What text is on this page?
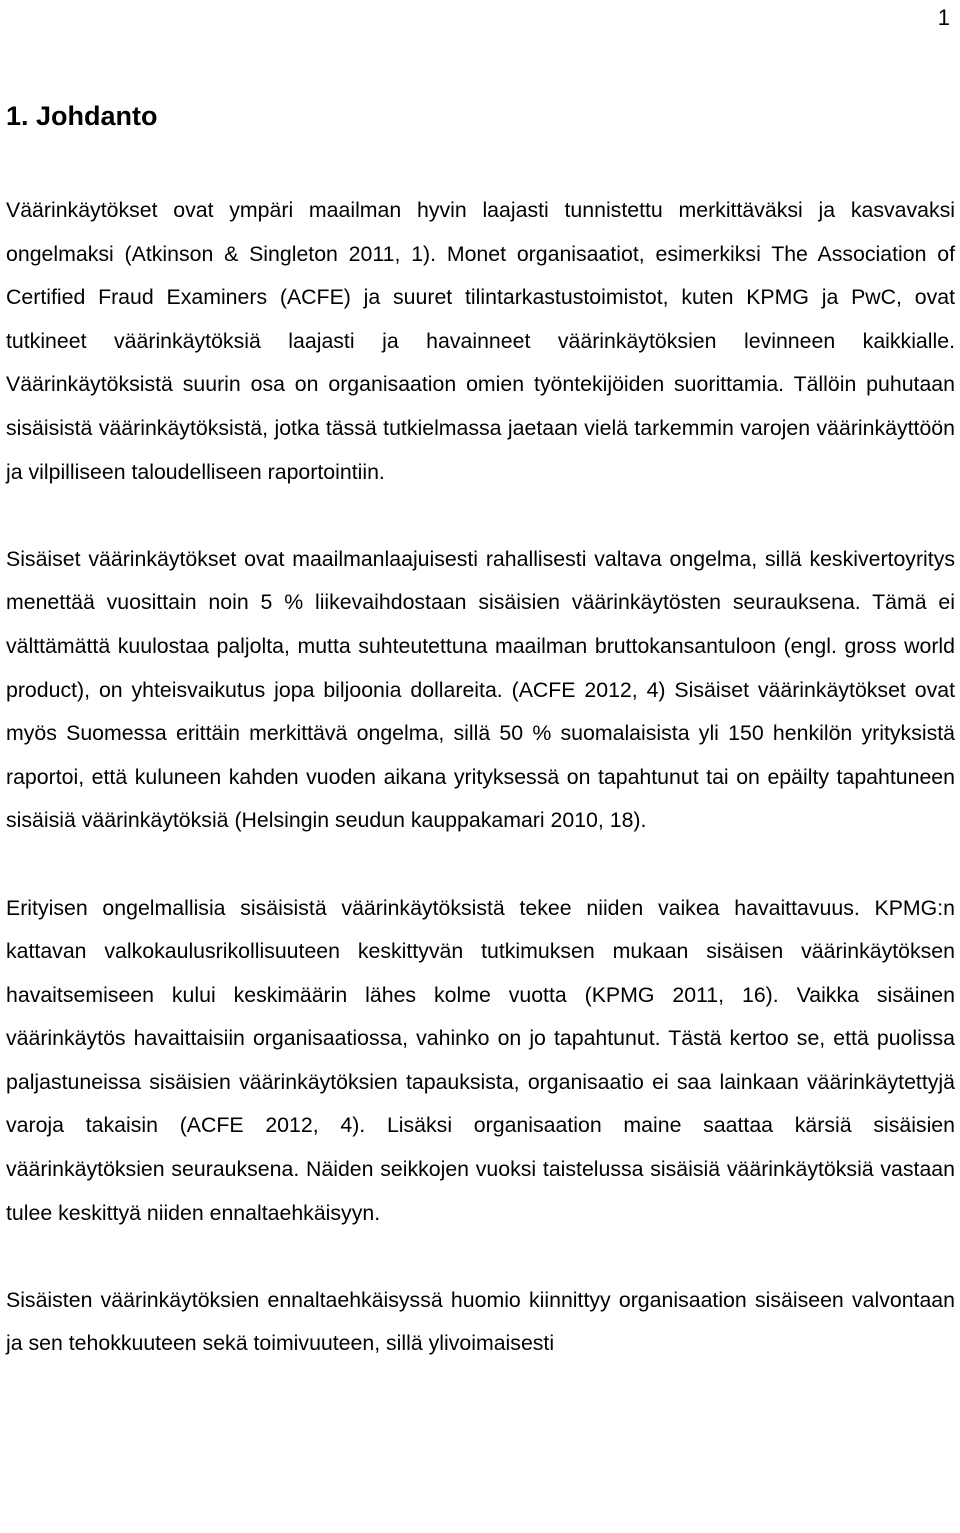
1
1. Johdanto

Väärinkäytökset ovat ympäri maailman hyvin laajasti tunnistettu merkittäväksi ja kasvavaksi ongelmaksi (Atkinson & Singleton 2011, 1). Monet organisaatiot, esimerkiksi The Association of Certified Fraud Examiners (ACFE) ja suuret tilintarkastustoimistot, kuten KPMG ja PwC, ovat tutkineet väärinkäytöksiä laajasti ja havainneet väärinkäytöksien levinneen kaikkialle. Väärinkäytöksistä suurin osa on organisaation omien työntekijöiden suorittamia. Tällöin puhutaan sisäisistä väärinkäytöksistä, jotka tässä tutkielmassa jaetaan vielä tarkemmin varojen väärinkäyttöön ja vilpilliseen taloudelliseen raportointiin.

Sisäiset väärinkäytökset ovat maailmanlaajuisesti rahallisesti valtava ongelma, sillä keskivertoyritys menettää vuosittain noin 5 % liikevaihdostaan sisäisien väärinkäytösten seurauksena. Tämä ei välttämättä kuulostaa paljolta, mutta suhteutettuna maailman bruttokansantuloon (engl. gross world product), on yhteisvaikutus jopa biljoonia dollareita. (ACFE 2012, 4) Sisäiset väärinkäytökset ovat myös Suomessa erittäin merkittävä ongelma, sillä 50 % suomalaisista yli 150 henkilön yrityksistä raportoi, että kuluneen kahden vuoden aikana yrityksessä on tapahtunut tai on epäilty tapahtuneen sisäisiä väärinkäytöksiä (Helsingin seudun kauppakamari 2010, 18).

Erityisen ongelmallisia sisäisistä väärinkäytöksistä tekee niiden vaikea havaittavuus. KPMG:n kattavan valkokaulusrikollisuuteen keskittyvän tutkimuksen mukaan sisäisen väärinkäytöksen havaitsemiseen kului keskimäärin lähes kolme vuotta (KPMG 2011, 16). Vaikka sisäinen väärinkäytös havaittaisiin organisaatiossa, vahinko on jo tapahtunut. Tästä kertoo se, että puolissa paljastuneissa sisäisien väärinkäytöksien tapauksista, organisaatio ei saa lainkaan väärinkäytettyjä varoja takaisin (ACFE 2012, 4). Lisäksi organisaation maine saattaa kärsiä sisäisien väärinkäytöksien seurauksena. Näiden seikkojen vuoksi taistelussa sisäisiä väärinkäytöksiä vastaan tulee keskittyä niiden ennaltaehkäisyyn.

Sisäisten väärinkäytöksien ennaltaehkäisyssä huomio kiinnittyy organisaation sisäiseen valvontaan ja sen tehokkuuteen sekä toimivuuteen, sillä ylivoimaisesti
